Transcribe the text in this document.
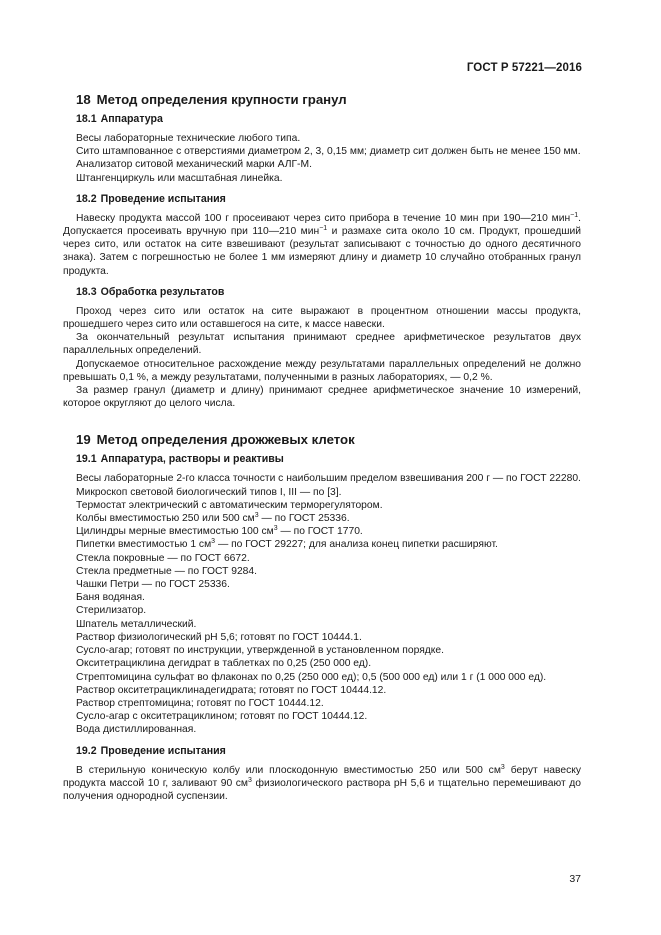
ГОСТ Р 57221—2016
18 Метод определения крупности гранул
18.1 Аппаратура

Весы лабораторные технические любого типа.

Сито штампованное с отверстиями диаметром 2, 3, 0,15 мм; диаметр сит должен быть не менее 150 мм.

Анализатор ситовой механический марки АЛГ-М.

Штангенциркуль или масштабная линейка.

18.2 Проведение испытания

Навеску продукта массой 100 г просеивают через сито прибора в течение 10 мин при 190—210 мин$^{-1}$. Допускается просеивать вручную при 110—210 мин$^{-1}$ и размахе сита около 10 см. Продукт, прошедший через сито, или остаток на сите взвешивают (результат записывают с точностью до одного десятичного знака). Затем с погрешностью не более 1 мм измеряют длину и диаметр 10 случайно отобранных гранул продукта.

18.3 Обработка результатов

Проход через сито или остаток на сите выражают в процентном отношении массы продукта, прошедшего через сито или оставшегося на сите, к массе навески.

За окончательный результат испытания принимают среднее арифметическое результатов двух параллельных определений.

Допускаемое относительное расхождение между результатами параллельных определений не должно превышать 0,1 %, а между результатами, полученными в разных лабораториях, — 0,2 %.

За размер гранул (диаметр и длину) принимают среднее арифметическое значение 10 измерений, которое округляют до целого числа.

19 Метод определения дрожжевых клеток
19.1 Аппаратура, растворы и реактивы

Весы лабораторные 2-го класса точности с наибольшим пределом взвешивания 200 г — по ГОСТ 22280.

Микроскоп световой биологический типов I, III — по [3].

Термостат электрический с автоматическим терморегулятором.

Колбы вместимостью 250 или 500 $см^3$ — по ГОСТ 25336.

Цилиндры мерные вместимостью 100 $см^3$ — по ГОСТ 1770.

Пипетки вместимостью 1 $см^3$ — по ГОСТ 29227; для анализа конец пипетки расширяют.

Стекла покровные — по ГОСТ 6672.

Стекла предметные — по ГОСТ 9284.

Чашки Петри — по ГОСТ 25336.

Баня водяная.

Стерилизатор.

Шпатель металлический.

Раствор физиологический рН 5,6; готовят по ГОСТ 10444.1.

Сусло-агар; готовят по инструкции, утвержденной в установленном порядке.

Окситетрациклина дегидрат в таблетках по 0,25 (250 000 ед).

Стрептомицина сульфат во флаконах по 0,25 (250 000 ед); 0,5 (500 000 ед) или 1 г (1 000 000 ед).

Раствор окситетрациклинадегидрата; готовят по ГОСТ 10444.12.

Раствор стрептомицина; готовят по ГОСТ 10444.12.

Сусло-агар с окситетрациклином; готовят по ГОСТ 10444.12.

Вода дистиллированная.

19.2 Проведение испытания

В стерильную коническую колбу или плоскодонную вместимостью 250 или 500 $см^3$ берут навеску продукта массой 10 г, заливают 90 $см^3$ физиологического раствора рН 5,6 и тщательно перемешивают до получения однородной суспензии.

37
